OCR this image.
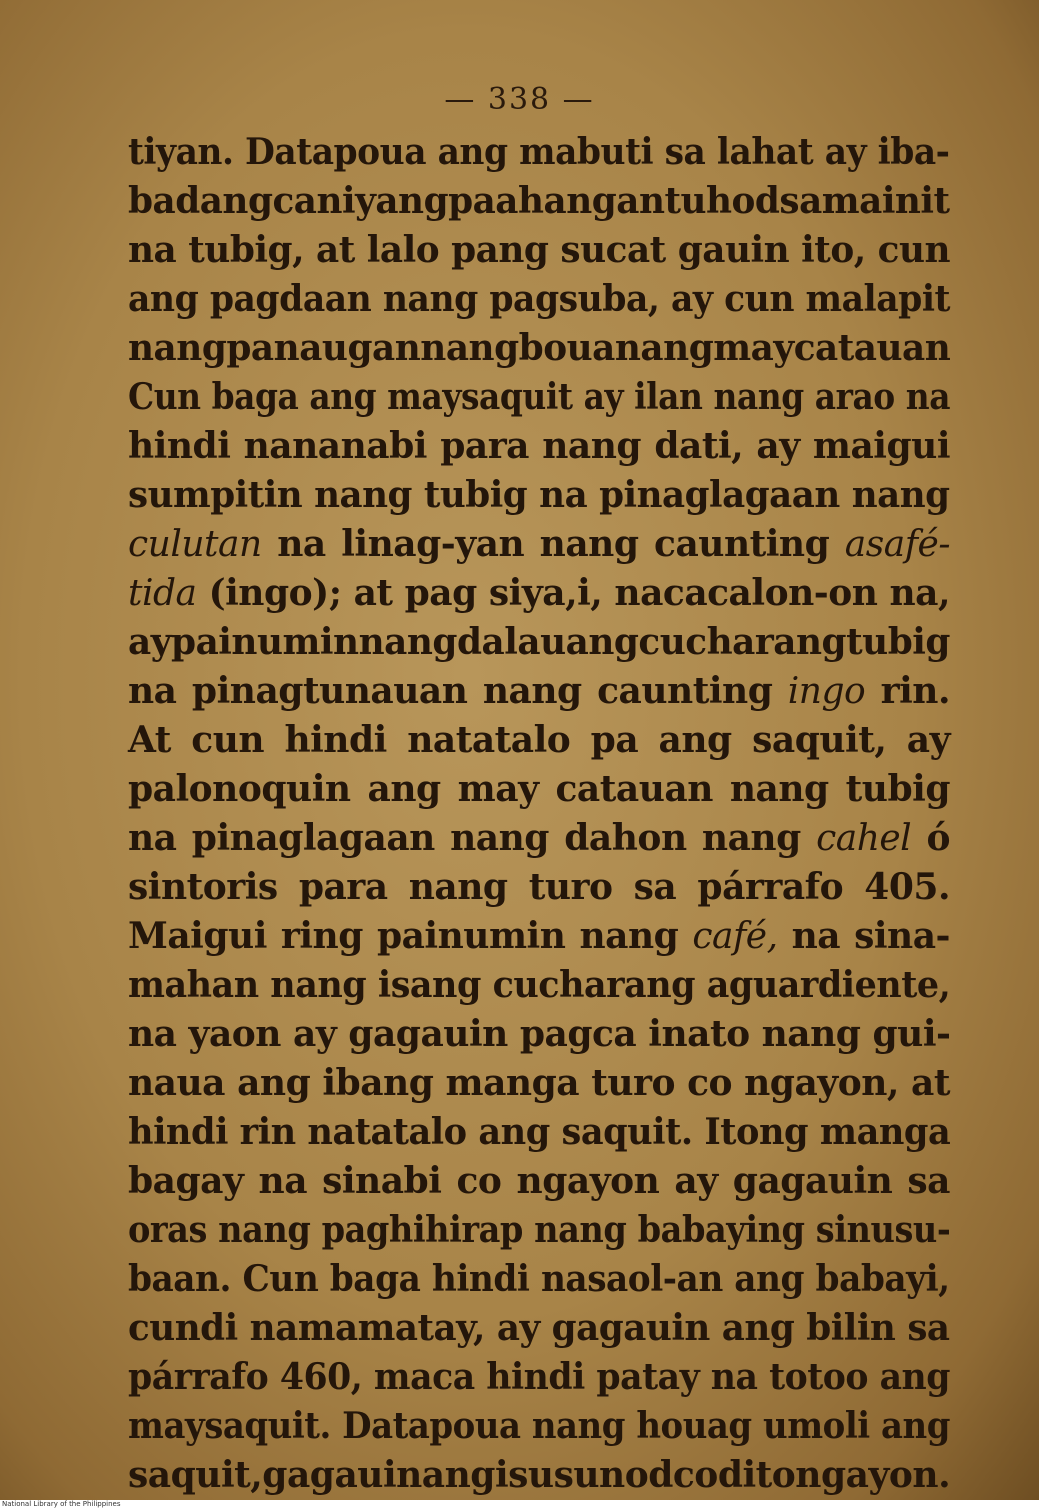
— 338 —
tiyan. Datapoua ang mabuti sa lahat ay iba-
badangcaniyangpaahangantuhodsamainit
na tubig, at lalo pang sucat gauin ito, cun
ang pagdaan nang pagsuba, ay cun malapit
nangpanaugannangbouanangmaycatauan
Cun baga ang maysaquit ay ilan nang arao na
hindi nananabi para nang dati, ay maigui
sumpitin nang tubig na pinaglagaan nang
culutan na linag-yan nang caunting asafé-
tida (ingo); at pag siya,i, nacacalon-on na,
aypainuminnangdalauangcucharangtubig
na pinagtunauan nang caunting ingo rin.
At cun hindi natatalo pa ang saquit, ay
palonoquin ang may catauan nang tubig
na pinaglagaan nang dahon nang cahel ó
sintoris para nang turo sa párrafo 405.
Maigui ring painumin nang café, na sina-
mahan nang isang cucharang aguardiente,
na yaon ay gagauin pagca inato nang gui-
naua ang ibang manga turo co ngayon, at
hindi rin natatalo ang saquit. Itong manga
bagay na sinabi co ngayon ay gagauin sa
oras nang paghihirap nang babaying sinusu-
baan. Cun baga hindi nasaol-an ang babayi,
cundi namamatay, ay gagauin ang bilin sa
párrafo 460, maca hindi patay na totoo ang
maysaquit. Datapoua nang houag umoli ang
saquit,gagauinangisusunodcoditongayon.
National Library of the Philippines
